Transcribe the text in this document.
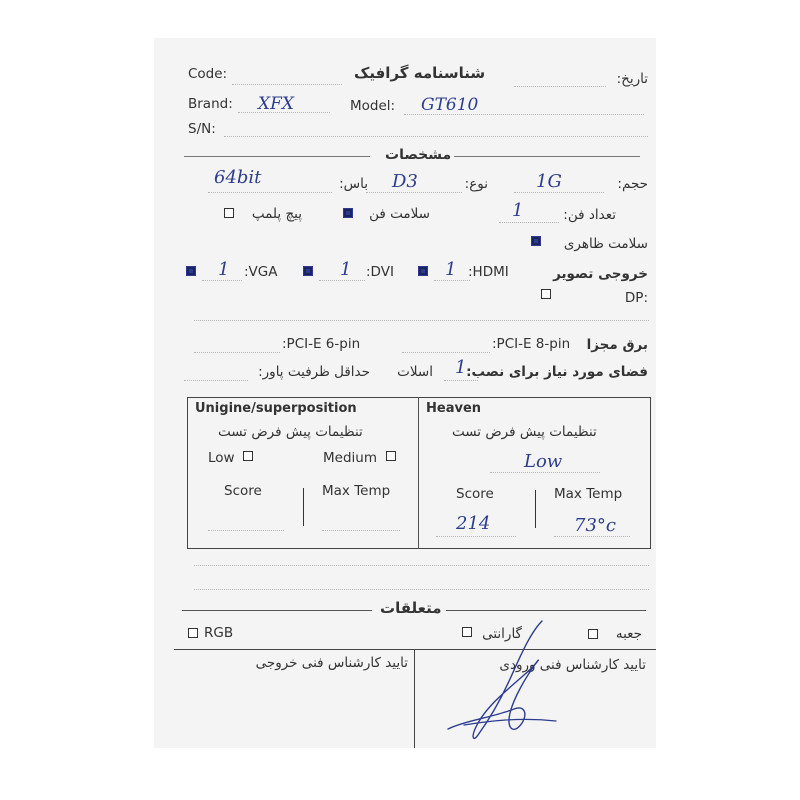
Code:	شناسنامه گرافیک	تاریخ:
Brand: XFX	Model: GT610
S/N:
مشخصات
حجم:
1G
نوع:
D3
باس:
64bit
تعداد فن:
1
سلامت فن
پیچ پلمپ
سلامت ظاهری
خروجی تصویر
1 :HDMI
1 :DVI
1 :VGA
:DP
برق مجزا
:PCI-E 8-pin
:PCI-E 6-pin
فضای مورد نیاز برای نصب:
1
اسلات
حداقل ظرفیت پاور:
Unigine/superposition
تنظیمات پیش فرض تست
Low	Medium
Score	Max Temp
Heaven
تنظیمات پیش فرض تست
Low
Score	Max Temp
214	73°c
متعلقات
جعبه
گارانتی
RGB
تایید کارشناس فنی ورودی
تایید کارشناس فنی خروجی
